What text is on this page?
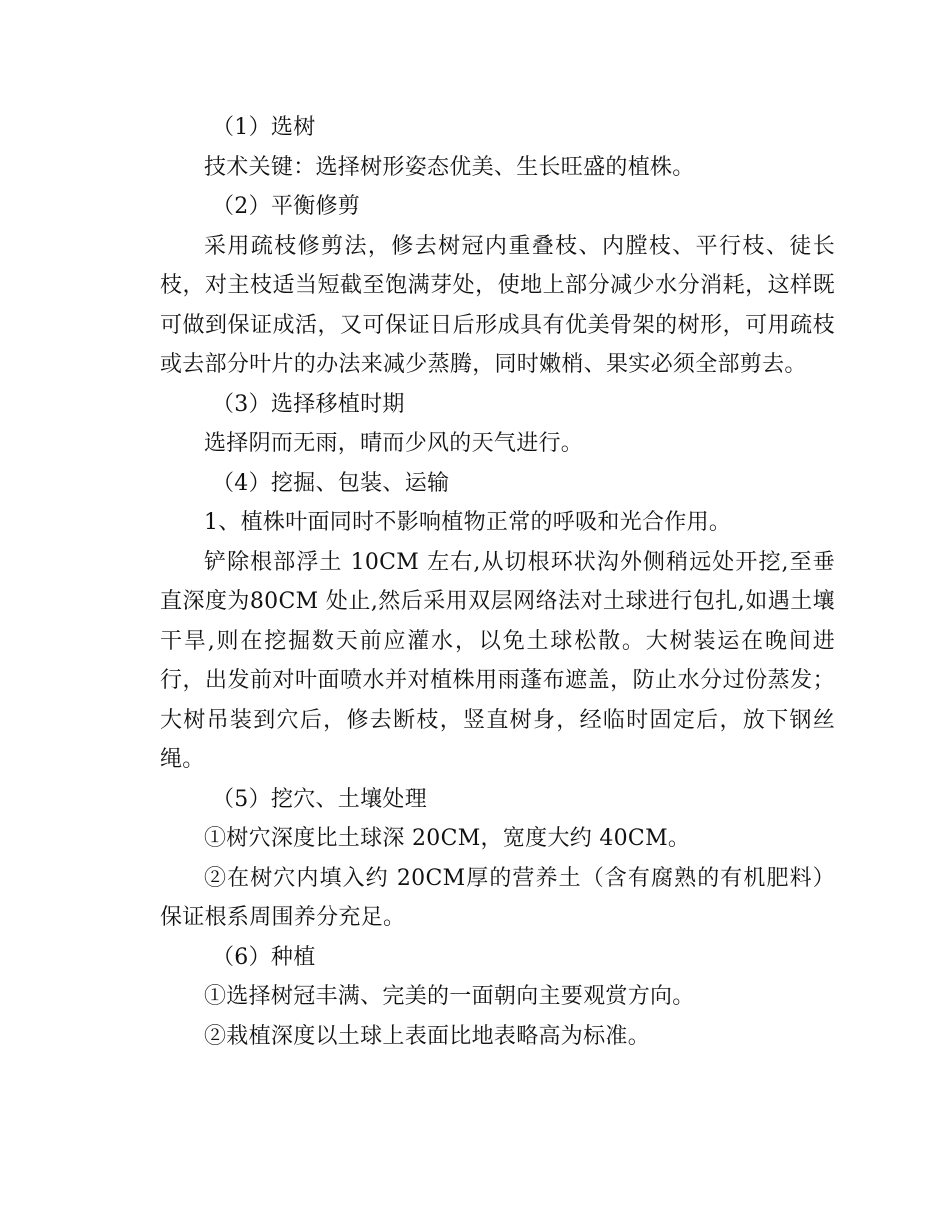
（1）选树

技术关键：选择树形姿态优美、生长旺盛的植株。

（2）平衡修剪

采用疏枝修剪法，修去树冠内重叠枝、内膛枝、平行枝、徒长枝，对主枝适当短截至饱满芽处，使地上部分减少水分消耗，这样既可做到保证成活，又可保证日后形成具有优美骨架的树形，可用疏枝或去部分叶片的办法来减少蒸腾，同时嫩梢、果实必须全部剪去。

（3）选择移植时期

选择阴而无雨，晴而少风的天气进行。

（4）挖掘、包装、运输

1、植株叶面同时不影响植物正常的呼吸和光合作用。

铲除根部浮土 10CM 左右,从切根环状沟外侧稍远处开挖,至垂直深度为80CM 处止,然后采用双层网络法对土球进行包扎,如遇土壤干旱,则在挖掘数天前应灌水，以免土球松散。大树装运在晚间进行，出发前对叶面喷水并对植株用雨蓬布遮盖，防止水分过份蒸发；大树吊装到穴后，修去断枝，竖直树身，经临时固定后，放下钢丝绳。

（5）挖穴、土壤处理

①树穴深度比土球深 20CM，宽度大约 40CM。

②在树穴内填入约 20CM厚的营养土（含有腐熟的有机肥料）保证根系周围养分充足。

（6）种植

①选择树冠丰满、完美的一面朝向主要观赏方向。

②栽植深度以土球上表面比地表略高为标准。
